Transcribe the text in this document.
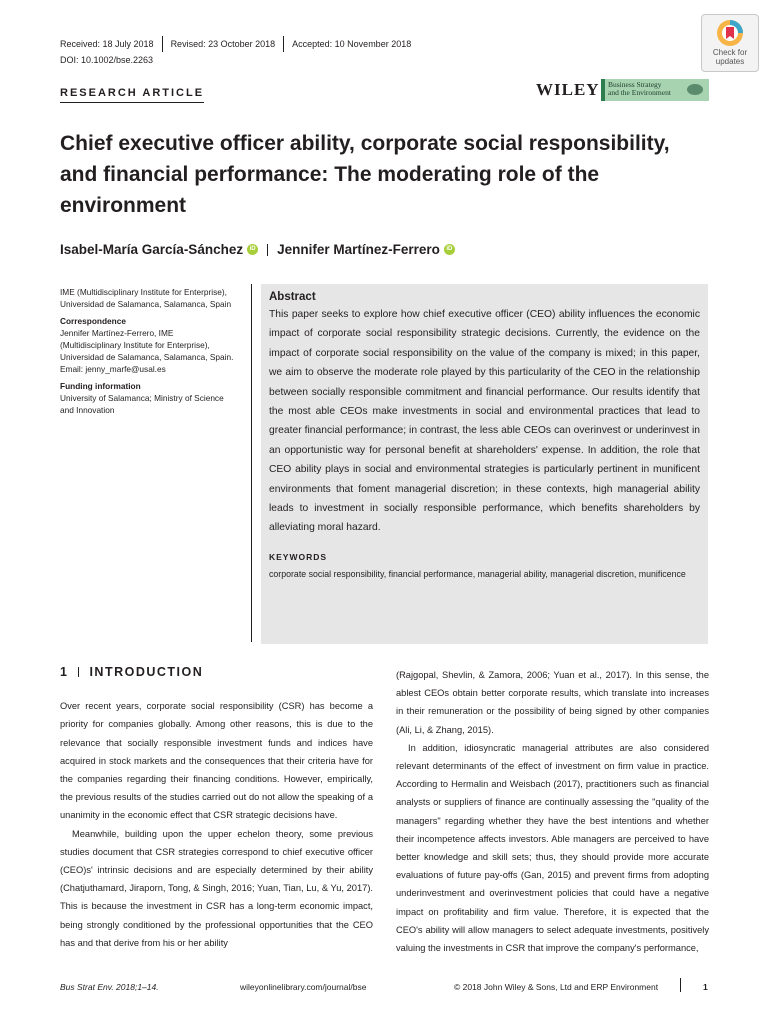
Received: 18 July 2018 Revised: 23 October 2018 Accepted: 10 November 2018
DOI: 10.1002/bse.2263
Check for
updates
RESEARCH ARTICLE	WILEY Business Strategy
and the Environment
Chief executive officer ability, corporate social responsibility, and financial performance: The moderating role of the environment
Isabel-María García-Sánchez	iD Jennifer Martínez-Ferrero	iD
IME (Multidisciplinary Institute for Enterprise),
Universidad de Salamanca, Salamanca, Spain
Correspondence
Jennifer Martínez-Ferrero, IME
(Multidisciplinary Institute for Enterprise),
Universidad de Salamanca, Salamanca, Spain.
Email: jenny_marfe@usal.es
Funding information
University of Salamanca; Ministry of Science
and Innovation
Abstract
This paper seeks to explore how chief executive officer (CEO) ability influences the economic impact of corporate social responsibility strategic decisions. Currently, the evidence on the impact of corporate social responsibility on the value of the company is mixed; in this paper, we aim to observe the moderate role played by this particularity of the CEO in the relationship between socially responsible commitment and financial performance. Our results identify that the most able CEOs make investments in social and environmental practices that lead to greater financial performance; in contrast, the less able CEOs can overinvest or underinvest in an opportunistic way for personal benefit at shareholders' expense. In addition, the role that CEO ability plays in social and environmental strategies is particularly pertinent in munificent environments that foment managerial discretion; in these contexts, high managerial ability leads to investment in socially responsible performance, which benefits shareholders by alleviating moral hazard.
KEYWORDS
corporate social responsibility, financial performance, managerial ability, managerial discretion, munificence
1 INTRODUCTION

Over recent years, corporate social responsibility (CSR) has become a priority for companies globally. Among other reasons, this is due to the relevance that socially responsible investment funds and indices have acquired in stock markets and the consequences that their criteria have for the companies regarding their financing conditions. However, empirically, the previous results of the studies carried out do not allow the speaking of a unanimity in the economic effect that CSR strategic decisions have.

Meanwhile, building upon the upper echelon theory, some previous studies document that CSR strategies correspond to chief executive officer (CEO)s' intrinsic decisions and are especially determined by their ability (Chatjuthamard, Jiraporn, Tong, & Singh, 2016; Yuan, Tian, Lu, & Yu, 2017). This is because the investment in CSR has a long-term economic impact, being strongly conditioned by the professional opportunities that the CEO has and that derive from his or her ability

(Rajgopal, Shevlin, & Zamora, 2006; Yuan et al., 2017). In this sense, the ablest CEOs obtain better corporate results, which translate into increases in their remuneration or the possibility of being signed by other companies (Ali, Li, & Zhang, 2015).

In addition, idiosyncratic managerial attributes are also considered relevant determinants of the effect of investment on firm value in practice. According to Hermalin and Weisbach (2017), practitioners such as financial analysts or suppliers of finance are continually assessing the "quality of the managers" regarding whether they have the best intentions and whether their incompetence affects investors. Able managers are perceived to have better knowledge and skill sets; thus, they should provide more accurate evaluations of future pay-offs (Gan, 2015) and prevent firms from adopting underinvestment and overinvestment policies that could have a negative impact on profitability and firm value. Therefore, it is expected that the CEO's ability will allow managers to select adequate investments, positively valuing the investments in CSR that improve the company's performance,

Bus Strat Env. 2018;1–14.	wileyonlinelibrary.com/journal/bse	© 2018 John Wiley & Sons, Ltd and ERP Environment	1
